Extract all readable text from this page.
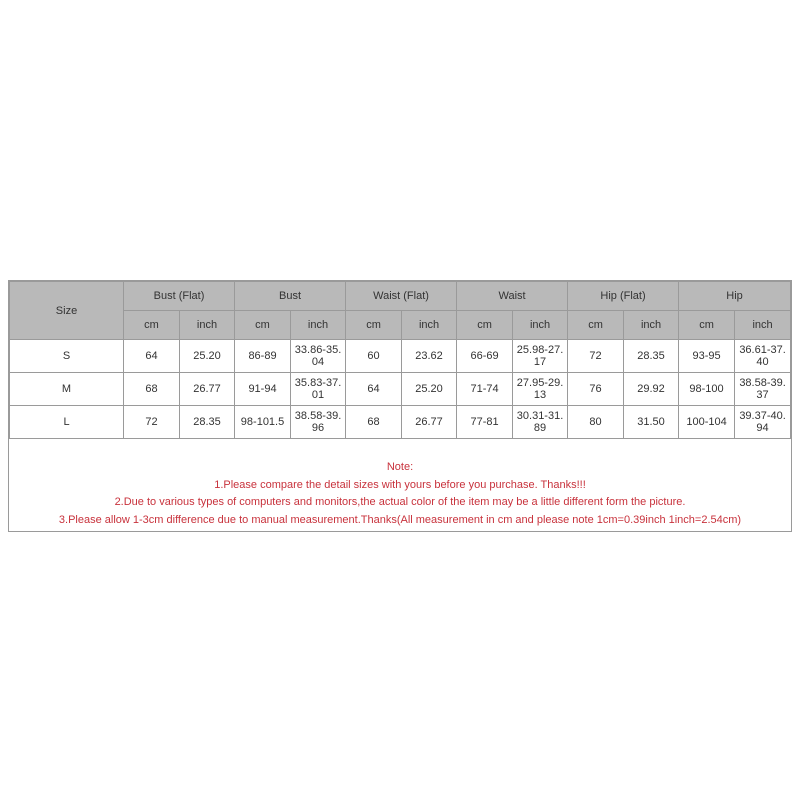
Size	Bust (Flat)		Bust		Waist (Flat)		Waist		Hip (Flat)		Hip	
	cm	inch	cm	inch	cm	inch	cm	inch	cm	inch	cm	inch
S	64	25.20	86-89	33.86-35.04	60	23.62	66-69	25.98-27.17	72	28.35	93-95	36.61-37.40

M	68	26.77	91-94	35.83-37.01	64	25.20	71-74	27.95-29.13	76	29.92	98-100	38.58-39.37

L	72	28.35	98-101.5	38.58-39.96	68	26.77	77-81	30.31-31.89	80	31.50	100-104	39.37-40.94
Note:
1.Please compare the detail sizes with yours before you purchase. Thanks!!!
2.Due to various types of computers and monitors,the actual color of the item may be a little different form the picture.
3.Please allow 1-3cm difference due to manual measurement.Thanks(All measurement in cm and please note 1cm=0.39inch 1inch=2.54cm)
